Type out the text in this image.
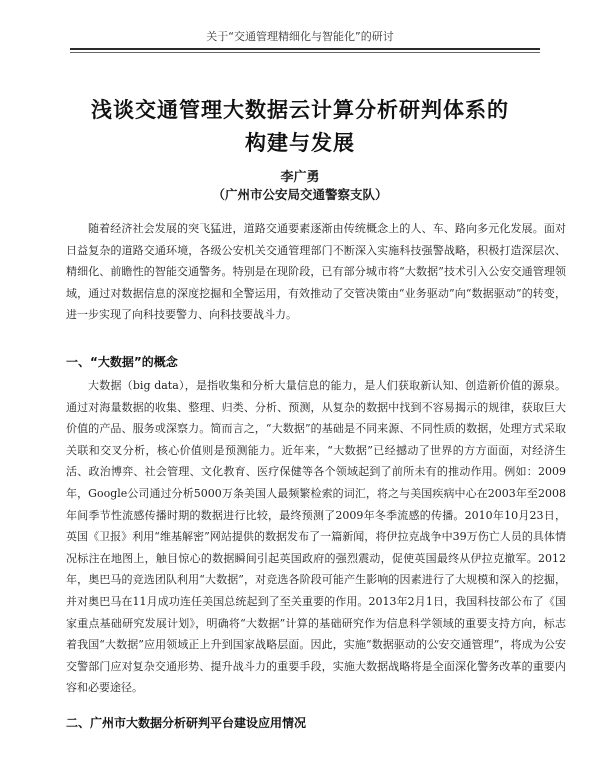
关于“交通管理精细化与智能化”的研讨
浅谈交通管理大数据云计算分析研判体系的
构建与发展
李广勇
（广州市公安局交通警察支队）

随着经济社会发展的突飞猛进，道路交通要素逐渐由传统概念上的人、车、路向多元化发展。面对日益复杂的道路交通环境，各级公安机关交通管理部门不断深入实施科技强警战略，积极打造深层次、精细化、前瞻性的智能交通警务。特别是在现阶段，已有部分城市将“大数据”技术引入公安交通管理领域，通过对数据信息的深度挖掘和全警运用，有效推动了交管决策由“业务驱动”向“数据驱动”的转变，进一步实现了向科技要警力、向科技要战斗力。

一、“大数据”的概念

大数据（big data），是指收集和分析大量信息的能力，是人们获取新认知、创造新价值的源泉。通过对海量数据的收集、整理、归类、分析、预测，从复杂的数据中找到不容易揭示的规律，获取巨大价值的产品、服务或深察力。简而言之，“大数据”的基础是不同来源、不同性质的数据，处理方式采取关联和交叉分析，核心价值则是预测能力。近年来，“大数据”已经撼动了世界的方方面面，对经济生活、政治博弈、社会管理、文化教育、医疗保健等各个领域起到了前所未有的推动作用。例如：2009年，Google公司通过分析5000万条美国人最频繁检索的词汇，将之与美国疾病中心在2003年至2008年间季节性流感传播时期的数据进行比较，最终预测了2009年冬季流感的传播。2010年10月23日，英国《卫报》利用“维基解密”网站提供的数据发布了一篇新闻，将伊拉克战争中39万伤亡人员的具体情况标注在地图上，触目惊心的数据瞬间引起英国政府的强烈震动，促使英国最终从伊拉克撤军。2012年，奥巴马的竞选团队利用“大数据”，对竞选各阶段可能产生影响的因素进行了大规模和深入的挖掘，并对奥巴马在11月成功连任美国总统起到了至关重要的作用。2013年2月1日，我国科技部公布了《国家重点基础研究发展计划》，明确将“大数据”计算的基础研究作为信息科学领域的重要支持方向，标志着我国“大数据”应用领域正上升到国家战略层面。因此，实施“数据驱动的公安交通管理”，将成为公安交警部门应对复杂交通形势、提升战斗力的重要手段，实施大数据战略将是全面深化警务改革的重要内容和必要途径。

二、广州市大数据分析研判平台建设应用情况
